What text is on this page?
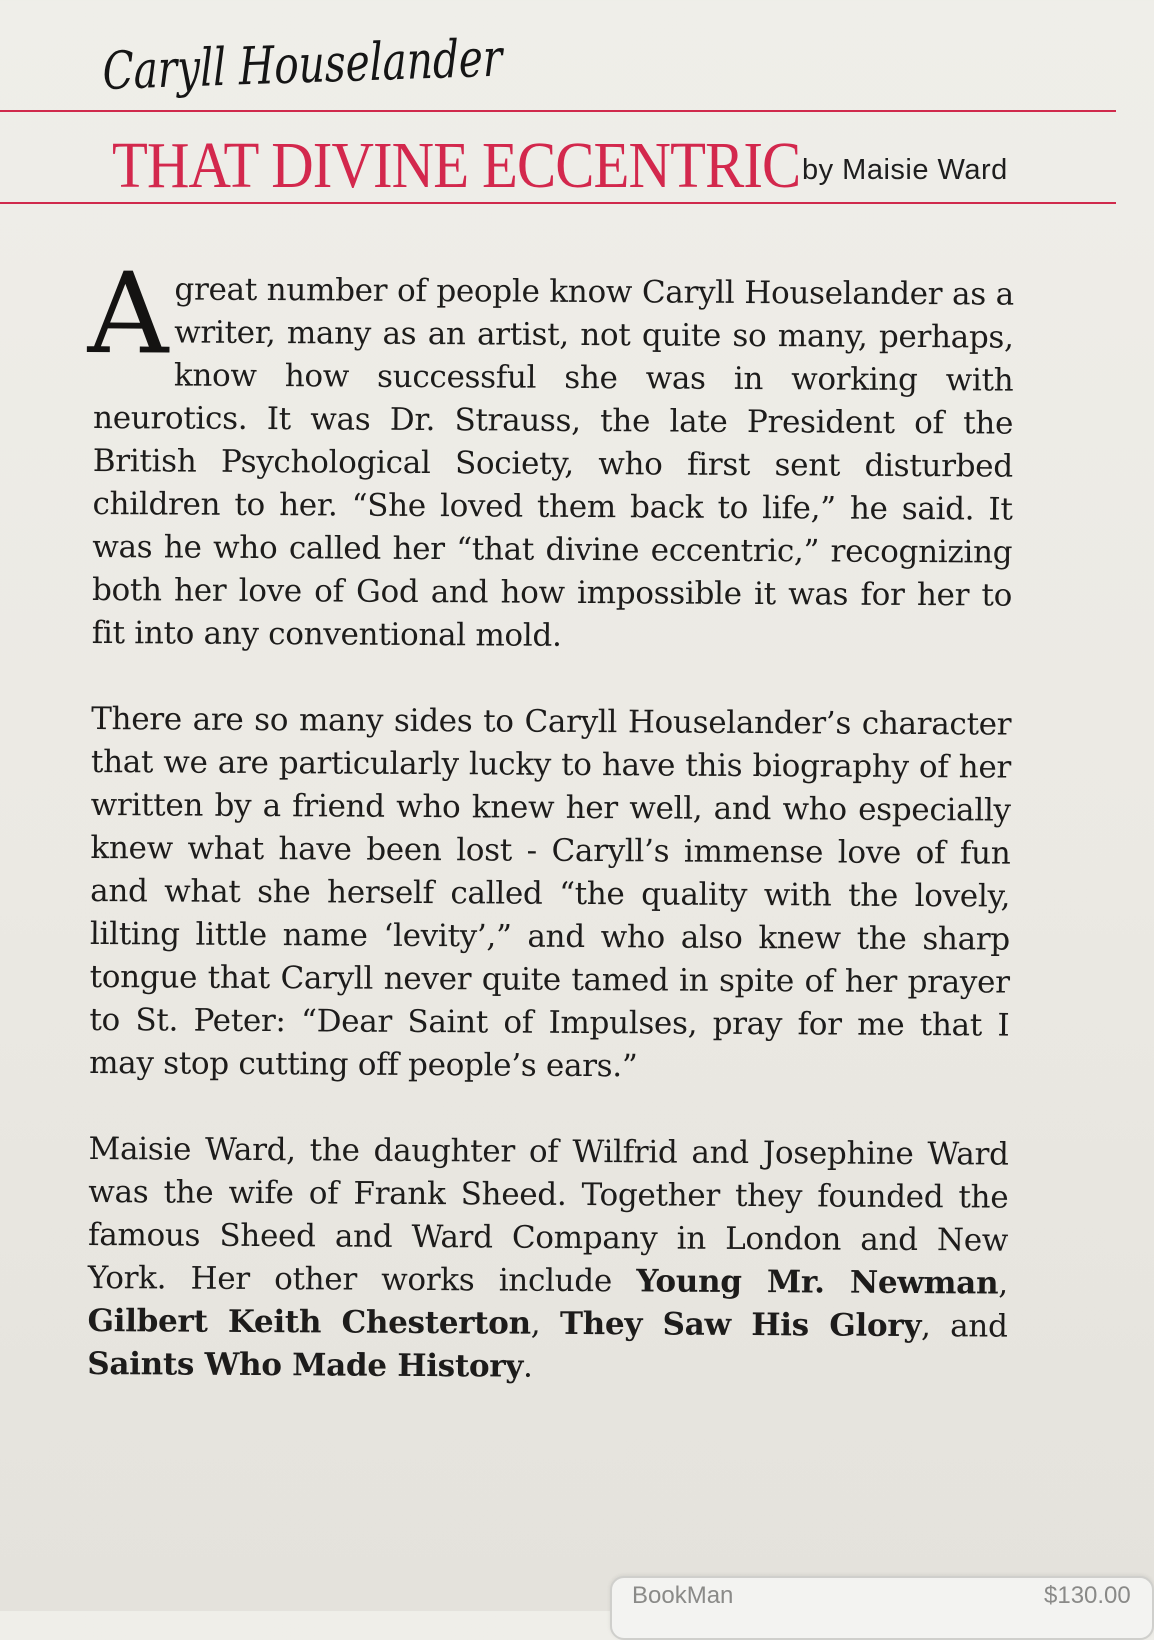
Caryll Houselander
THAT DIVINE ECCENTRIC by Maisie Ward

Agreat number of people know Caryll Houselander as a writer, many as an artist, not quite so many, perhaps, know how successful she was in working with neurotics. It was Dr. Strauss, the late President of the British Psychological Society, who first sent disturbed children to her. “She loved them back to life,” he said. It was he who called her “that divine eccentric,” recognizing both her love of God and how impossible it was for her to fit into any conventional mold.

There are so many sides to Caryll Houselander’s character that we are particularly lucky to have this biography of her written by a friend who knew her well, and who especially knew what have been lost - Caryll’s immense love of fun and what she herself called “the quality with the lovely, lilting little name ‘levity’,” and who also knew the sharp tongue that Caryll never quite tamed in spite of her prayer to St. Peter: “Dear Saint of Impulses, pray for me that I may stop cutting off people’s ears.”

Maisie Ward, the daughter of Wilfrid and Josephine Ward was the wife of Frank Sheed. Together they founded the famous Sheed and Ward Company in London and New York. Her other works include Young Mr. Newman, Gilbert Keith Chesterton, They Saw His Glory, and Saints Who Made History.

BookMan	$130.00
